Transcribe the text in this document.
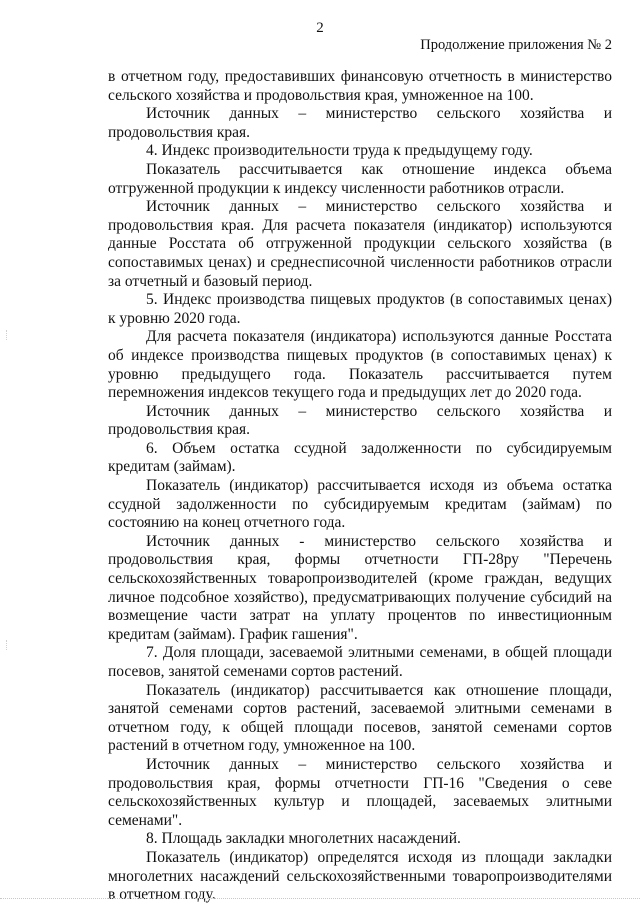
2
Продолжение приложения № 2

в отчетном году, предоставивших финансовую отчетность в министерство сельского хозяйства и продовольствия края, умноженное на 100.

Источник данных – министерство сельского хозяйства и продовольствия края.

4. Индекс производительности труда к предыдущему году.

Показатель рассчитывается как отношение индекса объема отгруженной продукции к индексу численности работников отрасли.

Источник данных – министерство сельского хозяйства и продовольствия края. Для расчета показателя (индикатор) используются данные Росстата об отгруженной продукции сельского хозяйства (в сопоставимых ценах) и среднесписочной численности работников отрасли за отчетный и базовый период.

5. Индекс производства пищевых продуктов (в сопоставимых ценах) к уровню 2020 года.

Для расчета показателя (индикатора) используются данные Росстата об индексе производства пищевых продуктов (в сопоставимых ценах) к уровню предыдущего года. Показатель рассчитывается путем перемножения индексов текущего года и предыдущих лет до 2020 года.

Источник данных – министерство сельского хозяйства и продовольствия края.

6. Объем остатка ссудной задолженности по субсидируемым кредитам (займам).

Показатель (индикатор) рассчитывается исходя из объема остатка ссудной задолженности по субсидируемым кредитам (займам) по состоянию на конец отчетного года.

Источник данных - министерство сельского хозяйства и продовольствия края, формы отчетности ГП-28ру "Перечень сельскохозяйственных товаропроизводителей (кроме граждан, ведущих личное подсобное хозяйство), предусматривающих получение субсидий на возмещение части затрат на уплату процентов по инвестиционным кредитам (займам). График гашения".

7. Доля площади, засеваемой элитными семенами, в общей площади посевов, занятой семенами сортов растений.

Показатель (индикатор) рассчитывается как отношение площади, занятой семенами сортов растений, засеваемой элитными семенами в отчетном году, к общей площади посевов, занятой семенами сортов растений в отчетном году, умноженное на 100.

Источник данных – министерство сельского хозяйства и продовольствия края, формы отчетности ГП-16 "Сведения о севе сельскохозяйственных культур и площадей, засеваемых элитными семенами".

8. Площадь закладки многолетних насаждений.

Показатель (индикатор) определятся исходя из площади закладки многолетних насаждений сельскохозяйственными товаропроизводителями в отчетном году.
